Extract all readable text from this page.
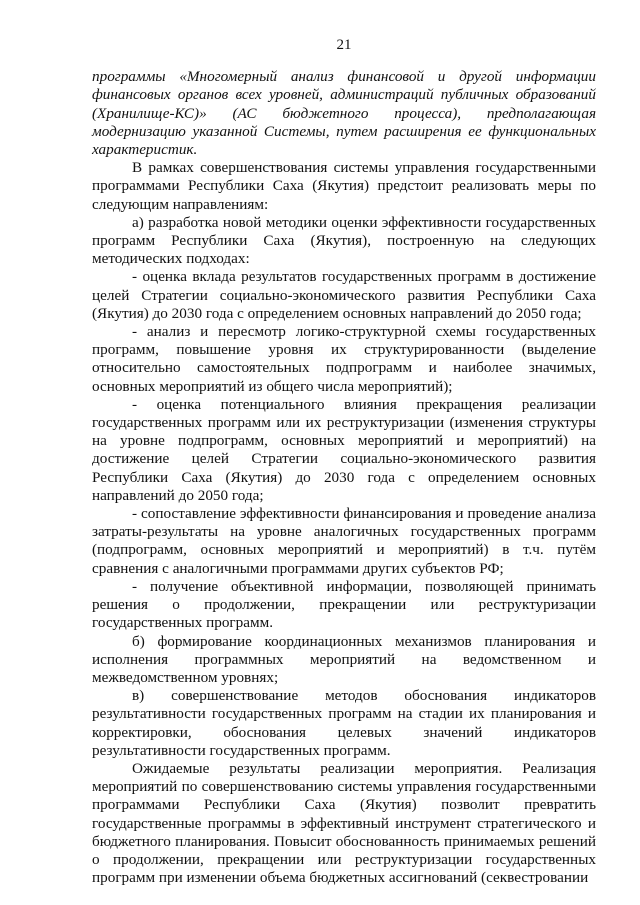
21

программы «Многомерный анализ финансовой и другой информации финансовых органов всех уровней, администраций публичных образований (Хранилище-КС)» (АС бюджетного процесса), предполагающая модернизацию указанной Системы, путем расширения ее функциональных характеристик.

В рамках совершенствования системы управления государственными программами Республики Саха (Якутия) предстоит реализовать меры по следующим направлениям:

а) разработка новой методики оценки эффективности государственных программ Республики Саха (Якутия), построенную на следующих методических подходах:

- оценка вклада результатов государственных программ в достижение целей Стратегии социально-экономического развития Республики Саха (Якутия) до 2030 года с определением основных направлений до 2050 года;

- анализ и пересмотр логико-структурной схемы государственных программ, повышение уровня их структурированности (выделение относительно самостоятельных подпрограмм и наиболее значимых, основных мероприятий из общего числа мероприятий);

- оценка потенциального влияния прекращения реализации государственных программ или их реструктуризации (изменения структуры на уровне подпрограмм, основных мероприятий и мероприятий) на достижение целей Стратегии социально-экономического развития Республики Саха (Якутия) до 2030 года с определением основных направлений до 2050 года;

- сопоставление эффективности финансирования и проведение анализа затраты-результаты на уровне аналогичных государственных программ (подпрограмм, основных мероприятий и мероприятий) в т.ч. путём сравнения с аналогичными программами других субъектов РФ;

- получение объективной информации, позволяющей принимать решения о продолжении, прекращении или реструктуризации государственных программ.

б) формирование координационных механизмов планирования и исполнения программных мероприятий на ведомственном и межведомственном уровнях;

в) совершенствование методов обоснования индикаторов результативности государственных программ на стадии их планирования и корректировки, обоснования целевых значений индикаторов результативности государственных программ.

Ожидаемые результаты реализации мероприятия. Реализация мероприятий по совершенствованию системы управления государственными программами Республики Саха (Якутия) позволит превратить государственные программы в эффективный инструмент стратегического и бюджетного планирования. Повысит обоснованность принимаемых решений о продолжении, прекращении или реструктуризации государственных программ при изменении объема бюджетных ассигнований (секвестровании
